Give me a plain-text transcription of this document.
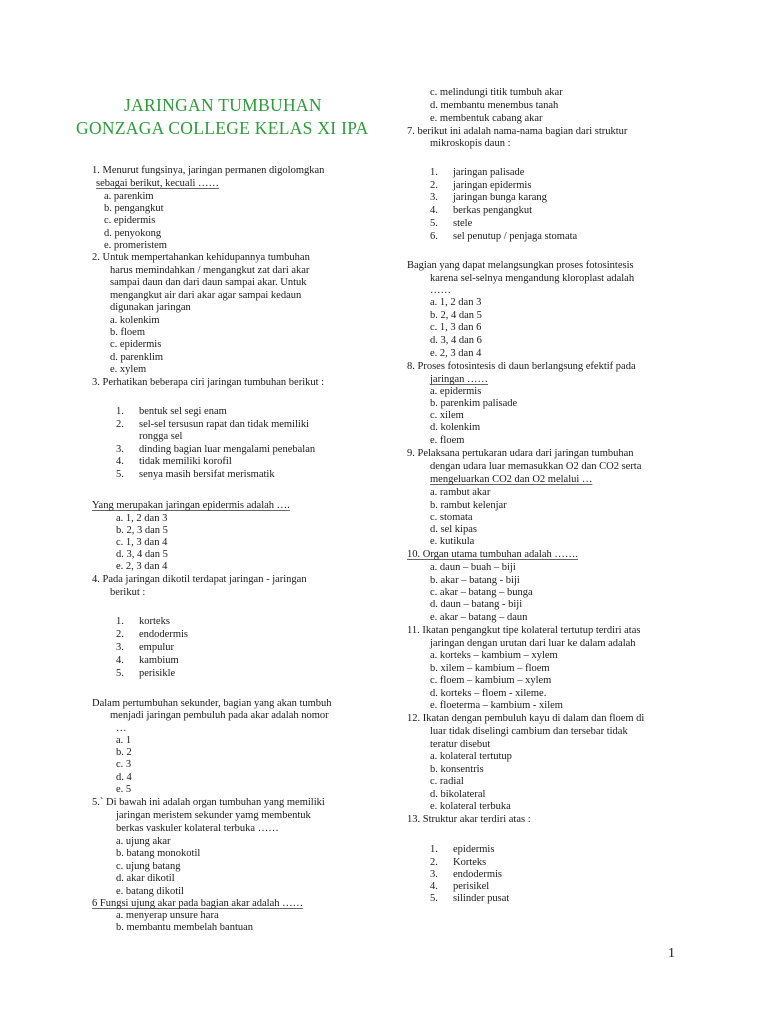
JARINGAN TUMBUHAN
GONZAGA COLLEGE KELAS XI IPA
1. Menurut fungsinya, jaringan permanen digolomgkan
sebagai berikut, kecuali ……
a. parenkim
b. pengangkut
c. epidermis
d. penyokong
e. promeristem
2. Untuk mempertahankan kehidupannya tumbuhan
harus memindahkan / mengangkut zat dari akar
sampai daun dan dari daun sampai akar. Untuk
mengangkut air dari akar agar sampai kedaun
digunakan jaringan
a. kolenkim
b. floem
c. epidermis
d. parenklim
e. xylem
3. Perhatikan beberapa ciri jaringan tumbuhan berikut :
1. bentuk sel segi enam
2. sel-sel tersusun rapat dan tidak memiliki
rongga sel
3. dinding bagian luar mengalami penebalan
4. tidak memiliki korofil
5. senya masih bersifat merismatik
Yang merupakan jaringan epidermis adalah ….
a. 1, 2 dan 3
b. 2, 3 dan 5
c. 1, 3 dan 4
d. 3, 4 dan 5
e. 2, 3 dan 4
4. Pada jaringan dikotil terdapat jaringan - jaringan
berikut :
1. korteks
2. endodermis
3. empulur
4. kambium
5. perisikle
Dalam pertumbuhan sekunder, bagian yang akan tumbuh
menjadi jaringan pembuluh pada akar adalah nomor
…
a. 1
b. 2
c. 3
d. 4
e. 5
5.` Di bawah ini adalah organ tumbuhan yang memiliki
jaringan meristem sekunder yamg membentuk
berkas vaskuler kolateral terbuka ……
a. ujung akar
b. batang monokotil
c. ujung batang
d. akar dikotil
e. batang dikotil
6 Fungsi ujung akar pada bagian akar adalah ……
a. menyerap unsure hara
b. membantu membelah bantuan
c. melindungi titik tumbuh akar
d. membantu menembus tanah
e. membentuk cabang akar
7. berikut ini adalah nama-nama bagian dari struktur
mikroskopis daun :
1. jaringan palisade
2. jaringan epidermis
3. jaringan bunga karang
4. berkas pengangkut
5. stele
6. sel penutup / penjaga stomata
Bagian yang dapat melangsungkan proses fotosintesis
karena sel-selnya mengandung kloroplast adalah
……
a. 1, 2 dan 3
b. 2, 4 dan 5
c. 1, 3 dan 6
d. 3, 4 dan 6
e. 2, 3 dan 4
8. Proses fotosintesis di daun berlangsung efektif pada
jaringan ……
a. epidermis
b. parenkim palisade
c. xilem
d. kolenkim
e. floem
9. Pelaksana pertukaran udara dari jaringan tumbuhan
dengan udara luar memasukkan O2 dan CO2 serta
mengeluarkan CO2 dan O2 melalui …
a. rambut akar
b. rambut kelenjar
c. stomata
d. sel kipas
e. kutikula
10. Organ utama tumbuhan adalah …….
a. daun – buah – biji
b. akar – batang - biji
c. akar – batang – bunga
d. daun – batang - biji
e. akar – batang – daun
11. Ikatan pengangkut tipe kolateral tertutup terdiri atas
jaringan dengan urutan dari luar ke dalam adalah
a. korteks – kambium – xylem
b. xilem – kambium – floem
c. floem – kambium – xylem
d. korteks – floem - xileme.
e. floeterma – kambium - xilem
12. Ikatan dengan pembuluh kayu di dalam dan floem di
luar tidak diselingi cambium dan tersebar tidak
teratur disebut
a. kolateral tertutup
b. konsentris
c. radial
d. bikolateral
e. kolateral terbuka
13. Struktur akar terdiri atas :
1. epidermis
2. Korteks
3. endodermis
4. perisikel
5. silinder pusat
1
